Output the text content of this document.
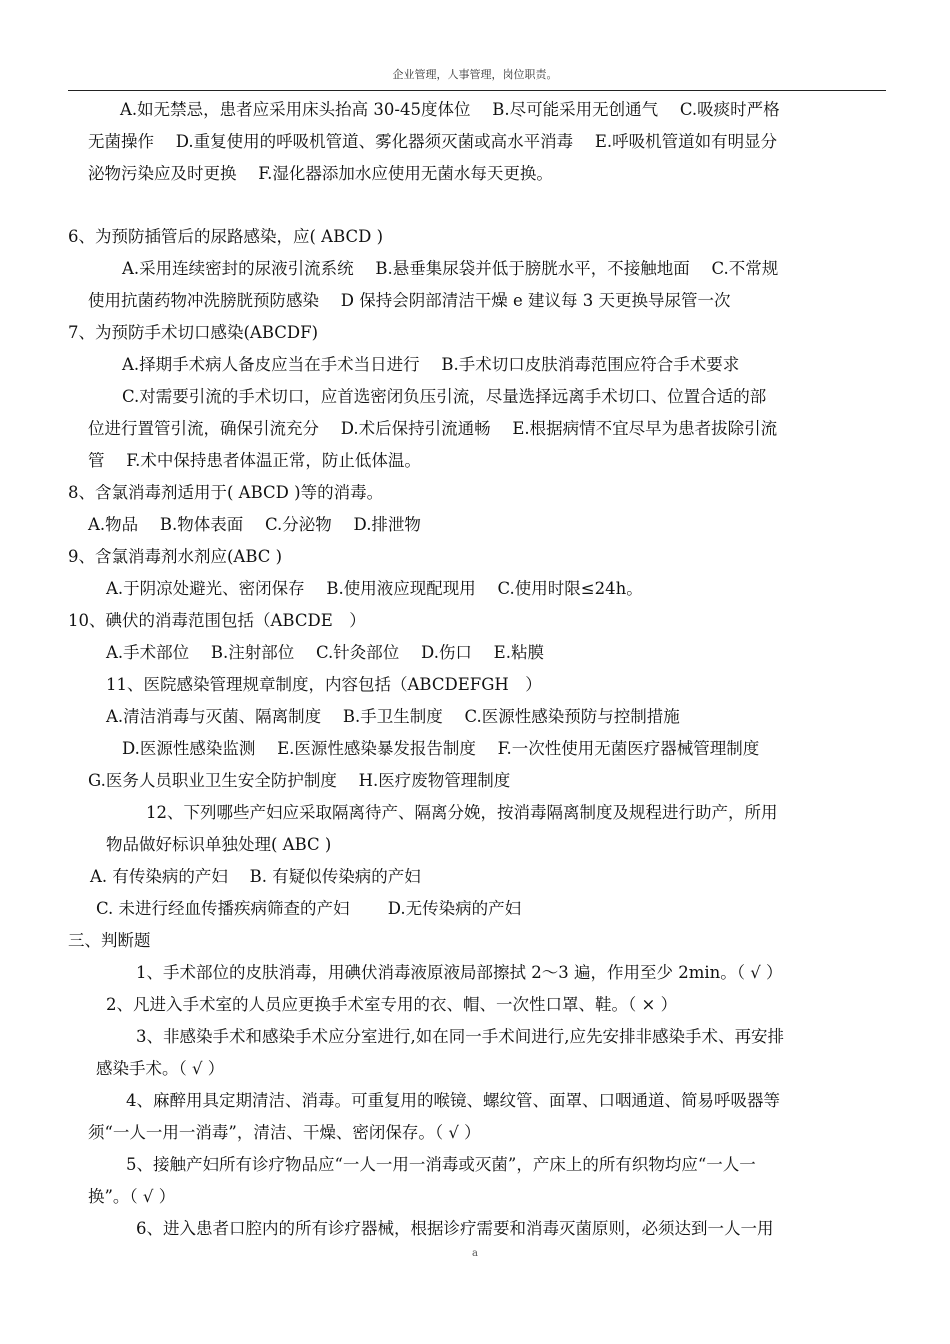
企业管理，人事管理，岗位职责。
A.如无禁忌，患者应采用床头抬高 30-45度体位　 B.尽可能采用无创通气　 C.吸痰时严格
无菌操作　 D.重复使用的呼吸机管道、雾化器须灭菌或高水平消毒　 E.呼吸机管道如有明显分
泌物污染应及时更换　 F.湿化器添加水应使用无菌水每天更换。
6、为预防插管后的尿路感染，应( ABCD )
A.采用连续密封的尿液引流系统　 B.悬垂集尿袋并低于膀胱水平，不接触地面　 C.不常规
使用抗菌药物冲洗膀胱预防感染　 D 保持会阴部清洁干燥 e 建议每 3 天更换导尿管一次
7、为预防手术切口感染(ABCDF)
A.择期手术病人备皮应当在手术当日进行　 B.手术切口皮肤消毒范围应符合手术要求
C.对需要引流的手术切口，应首选密闭负压引流，尽量选择远离手术切口、位置合适的部
位进行置管引流，确保引流充分　 D.术后保持引流通畅　 E.根据病情不宜尽早为患者拔除引流
管　 F.术中保持患者体温正常，防止低体温。
8、含氯消毒剂适用于( ABCD )等的消毒。
A.物品　 B.物体表面　 C.分泌物　 D.排泄物
9、含氯消毒剂水剂应(ABC )
A.于阴凉处避光、密闭保存　 B.使用液应现配现用　 C.使用时限≤24h。
10、碘伏的消毒范围包括（ABCDE　）
A.手术部位　 B.注射部位　 C.针灸部位　 D.伤口　 E.粘膜
11、医院感染管理规章制度，内容包括（ABCDEFGH　）
A.清洁消毒与灭菌、隔离制度　 B.手卫生制度　 C.医源性感染预防与控制措施
D.医源性感染监测　 E.医源性感染暴发报告制度　 F.一次性使用无菌医疗器械管理制度
G.医务人员职业卫生安全防护制度　 H.医疗废物管理制度
12、下列哪些产妇应采取隔离待产、隔离分娩，按消毒隔离制度及规程进行助产，所用
物品做好标识单独处理( ABC )
A. 有传染病的产妇　 B. 有疑似传染病的产妇
C. 未进行经血传播疾病筛查的产妇　　 D.无传染病的产妇
三、判断题
1、手术部位的皮肤消毒，用碘伏消毒液原液局部擦拭 2～3 遍，作用至少 2min。（ √ ）
2、凡进入手术室的人员应更换手术室专用的衣、帽、一次性口罩、鞋。（ × ）
3、非感染手术和感染手术应分室进行,如在同一手术间进行,应先安排非感染手术、再安排
感染手术。（ √ ）
4、麻醉用具定期清洁、消毒。可重复用的喉镜、螺纹管、面罩、口咽通道、简易呼吸器等
须“一人一用一消毒”，清洁、干燥、密闭保存。（ √ ）
5、接触产妇所有诊疗物品应“一人一用一消毒或灭菌”，产床上的所有织物均应“一人一
换”。（ √ ）
6、进入患者口腔内的所有诊疗器械，根据诊疗需要和消毒灭菌原则，必须达到一人一用
a
